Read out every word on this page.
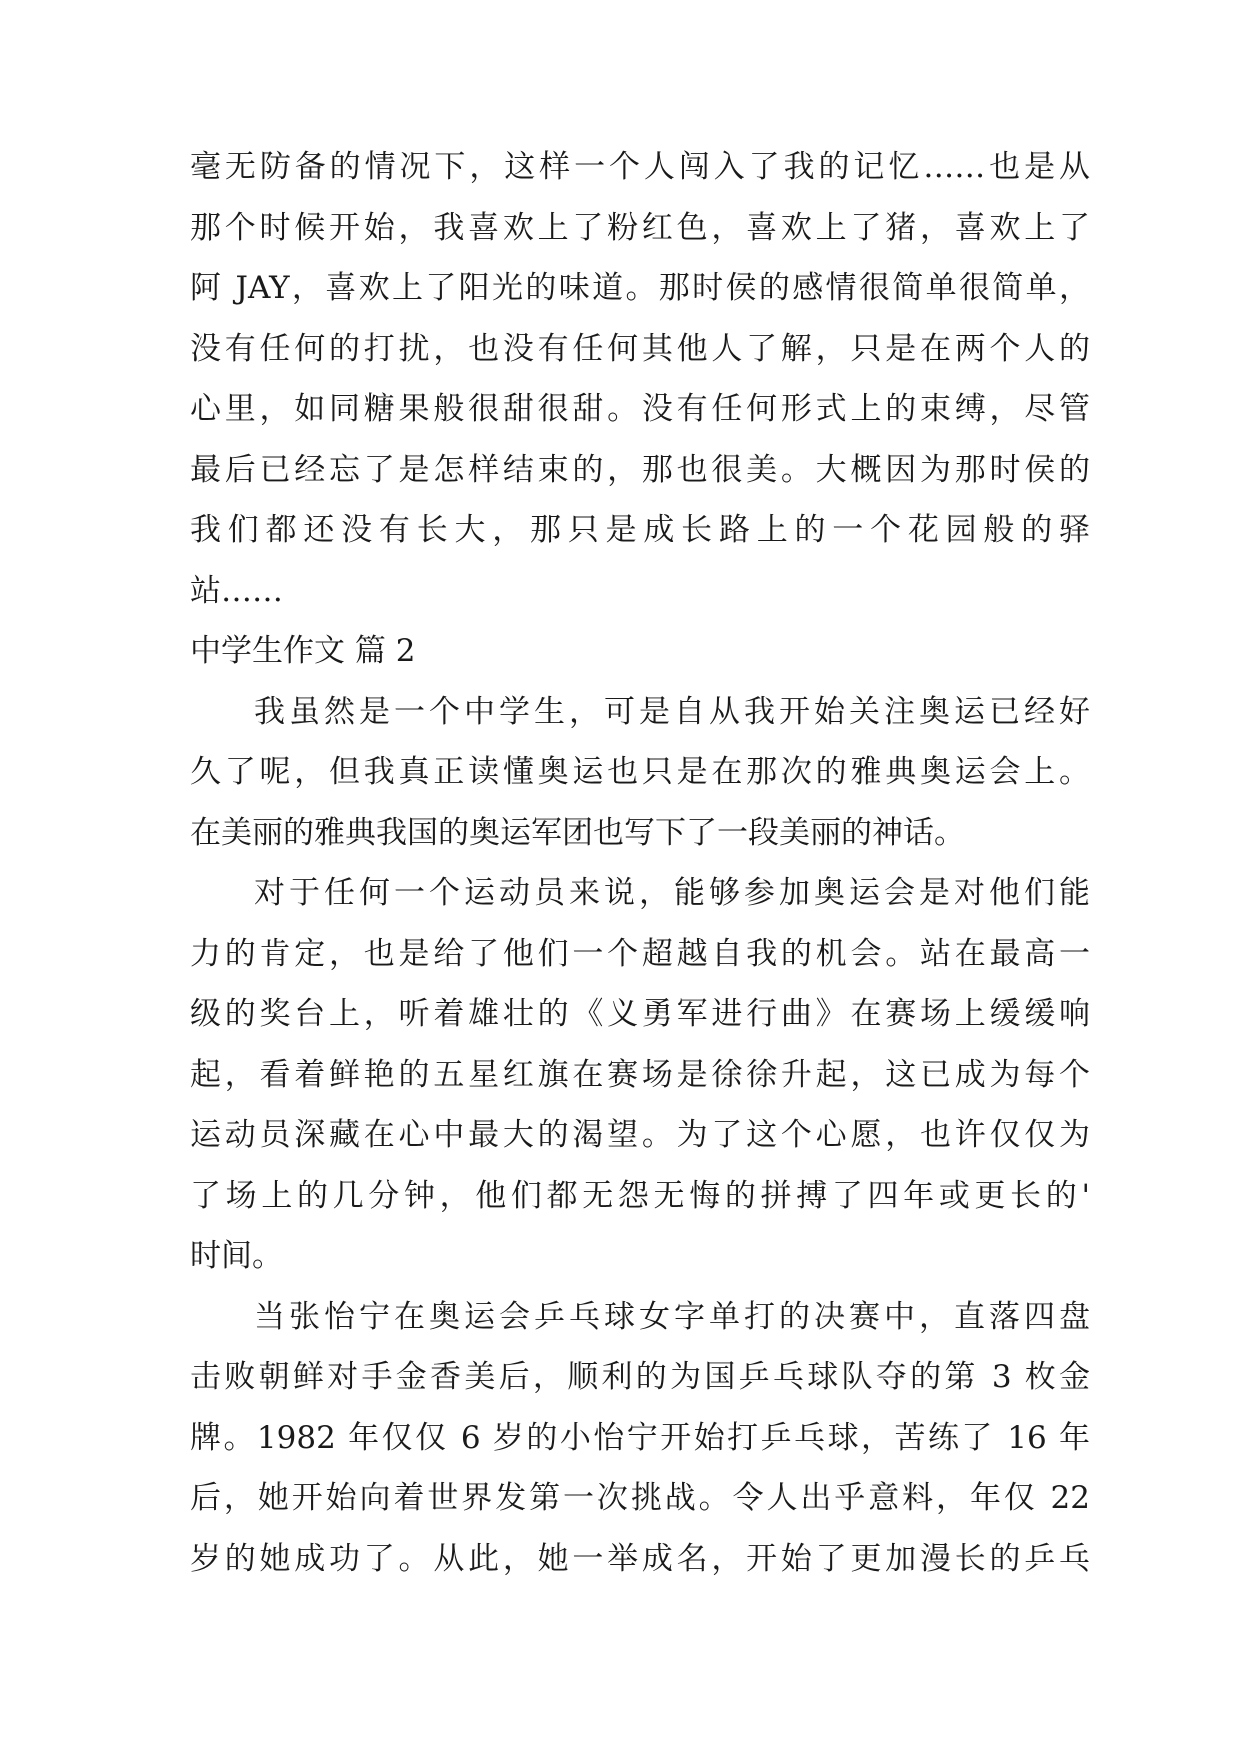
毫无防备的情况下，这样一个人闯入了我的记忆……也是从
那个时候开始，我喜欢上了粉红色，喜欢上了猪，喜欢上了
阿 JAY，喜欢上了阳光的味道。那时侯的感情很简单很简单，
没有任何的打扰，也没有任何其他人了解，只是在两个人的
心里，如同糖果般很甜很甜。没有任何形式上的束缚，尽管
最后已经忘了是怎样结束的，那也很美。大概因为那时侯的
我们都还没有长大，那只是成长路上的一个花园般的驿
站……
中学生作文 篇 2
我虽然是一个中学生，可是自从我开始关注奥运已经好
久了呢，但我真正读懂奥运也只是在那次的雅典奥运会上。
在美丽的雅典我国的奥运军团也写下了一段美丽的神话。
对于任何一个运动员来说，能够参加奥运会是对他们能
力的肯定，也是给了他们一个超越自我的机会。站在最高一
级的奖台上，听着雄壮的《义勇军进行曲》在赛场上缓缓响
起，看着鲜艳的五星红旗在赛场是徐徐升起，这已成为每个
运动员深藏在心中最大的渴望。为了这个心愿，也许仅仅为
了场上的几分钟，他们都无怨无悔的拼搏了四年或更长的'
时间。
当张怡宁在奥运会乒乓球女字单打的决赛中，直落四盘
击败朝鲜对手金香美后，顺利的为国乒乓球队夺的第 3 枚金
牌。1982 年仅仅 6 岁的小怡宁开始打乒乓球，苦练了 16 年
后，她开始向着世界发第一次挑战。令人出乎意料，年仅 22
岁的她成功了。从此，她一举成名，开始了更加漫长的乒乓
